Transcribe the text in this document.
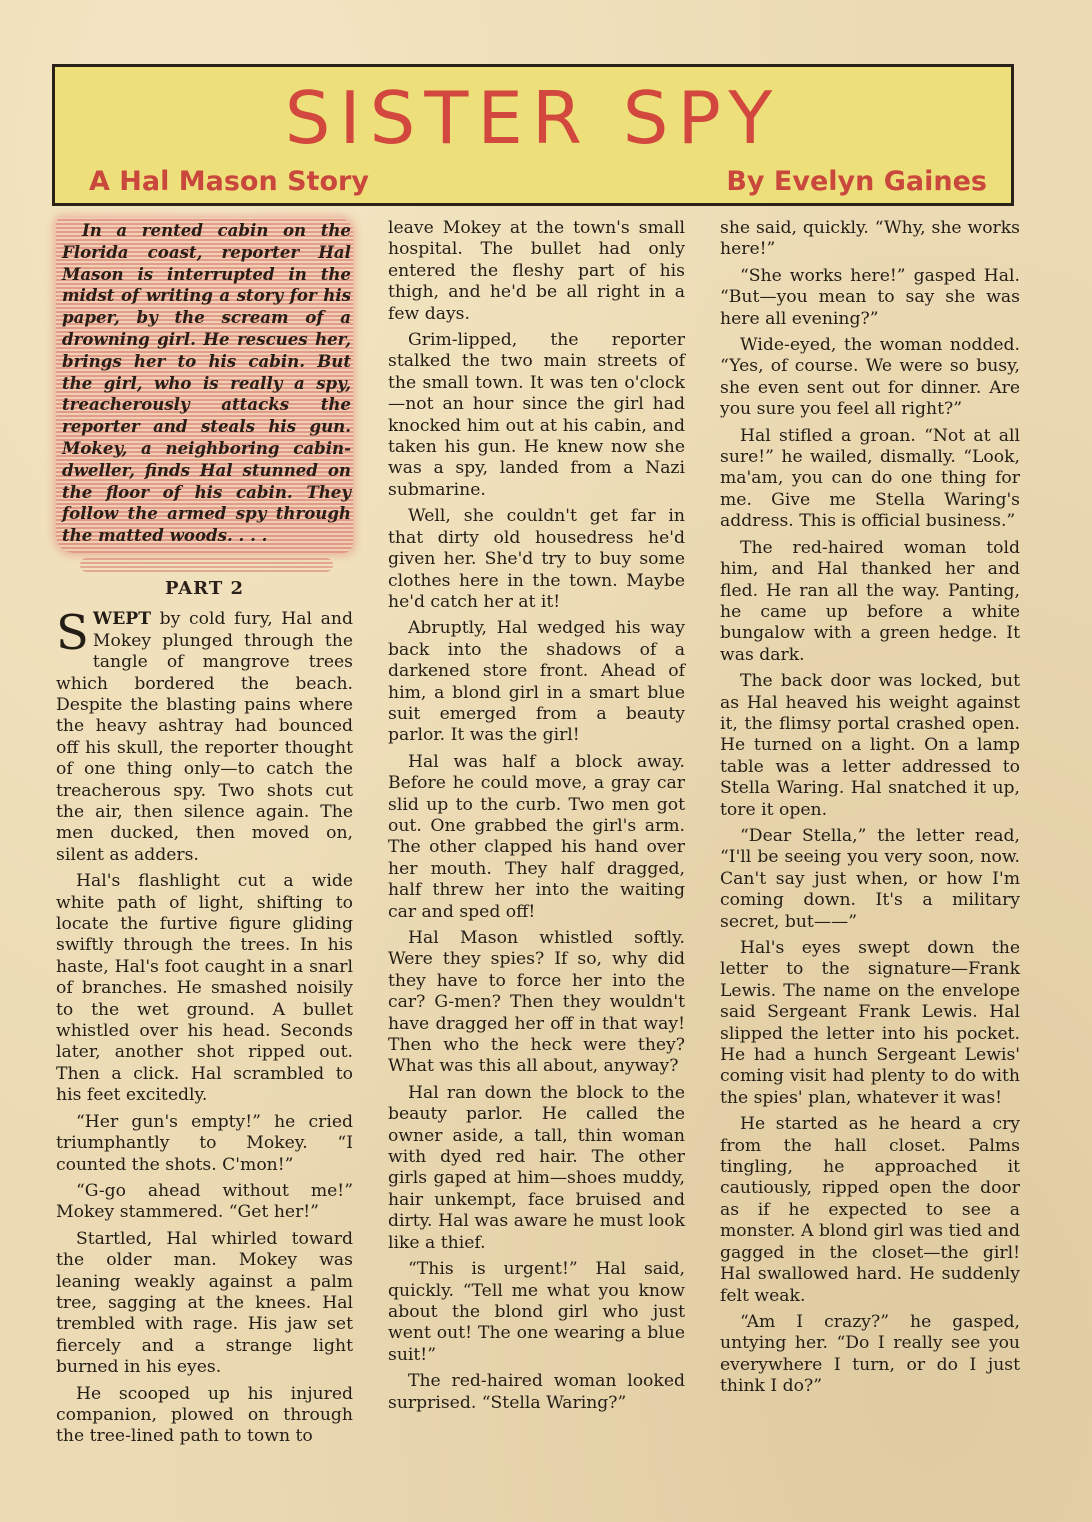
SISTER SPY
A Hal Mason Story	By Evelyn Gaines

In a rented cabin on the Florida coast, reporter Hal Mason is interrupted in the midst of writing a story for his paper, by the scream of a drowning girl. He rescues her, brings her to his cabin. But the girl, who is really a spy, treacherously attacks the reporter and steals his gun. Mokey, a neighboring cabin-dweller, finds Hal stunned on the floor of his cabin. They follow the armed spy through the matted woods. . . .

PART 2

SWEPT by cold fury, Hal and Mokey plunged through the tangle of mangrove trees which bordered the beach. Despite the blasting pains where the heavy ashtray had bounced off his skull, the reporter thought of one thing only—to catch the treacherous spy. Two shots cut the air, then silence again. The men ducked, then moved on, silent as adders.

Hal's flashlight cut a wide white path of light, shifting to locate the furtive figure gliding swiftly through the trees. In his haste, Hal's foot caught in a snarl of branches. He smashed noisily to the wet ground. A bullet whistled over his head. Seconds later, another shot ripped out. Then a click. Hal scrambled to his feet excitedly.

“Her gun's empty!” he cried triumphantly to Mokey. “I counted the shots. C'mon!”

“G-go ahead without me!” Mokey stammered. “Get her!”

Startled, Hal whirled toward the older man. Mokey was leaning weakly against a palm tree, sagging at the knees. Hal trembled with rage. His jaw set fiercely and a strange light burned in his eyes.

He scooped up his injured companion, plowed on through the tree-lined path to town to

leave Mokey at the town's small hospital. The bullet had only entered the fleshy part of his thigh, and he'd be all right in a few days.

Grim-lipped, the reporter stalked the two main streets of the small town. It was ten o'clock—not an hour since the girl had knocked him out at his cabin, and taken his gun. He knew now she was a spy, landed from a Nazi submarine.

Well, she couldn't get far in that dirty old housedress he'd given her. She'd try to buy some clothes here in the town. Maybe he'd catch her at it!

Abruptly, Hal wedged his way back into the shadows of a darkened store front. Ahead of him, a blond girl in a smart blue suit emerged from a beauty parlor. It was the girl!

Hal was half a block away. Before he could move, a gray car slid up to the curb. Two men got out. One grabbed the girl's arm. The other clapped his hand over her mouth. They half dragged, half threw her into the waiting car and sped off!

Hal Mason whistled softly. Were they spies? If so, why did they have to force her into the car? G-men? Then they wouldn't have dragged her off in that way! Then who the heck were they? What was this all about, anyway?

Hal ran down the block to the beauty parlor. He called the owner aside, a tall, thin woman with dyed red hair. The other girls gaped at him—shoes muddy, hair unkempt, face bruised and dirty. Hal was aware he must look like a thief.

“This is urgent!” Hal said, quickly. “Tell me what you know about the blond girl who just went out! The one wearing a blue suit!”

The red-haired woman looked surprised. “Stella Waring?”

she said, quickly. “Why, she works here!”

“She works here!” gasped Hal. “But—you mean to say she was here all evening?”

Wide-eyed, the woman nodded. “Yes, of course. We were so busy, she even sent out for dinner. Are you sure you feel all right?”

Hal stifled a groan. “Not at all sure!” he wailed, dismally. “Look, ma'am, you can do one thing for me. Give me Stella Waring's address. This is official business.”

The red-haired woman told him, and Hal thanked her and fled. He ran all the way. Panting, he came up before a white bungalow with a green hedge. It was dark.

The back door was locked, but as Hal heaved his weight against it, the flimsy portal crashed open. He turned on a light. On a lamp table was a letter addressed to Stella Waring. Hal snatched it up, tore it open.

“Dear Stella,” the letter read, “I'll be seeing you very soon, now. Can't say just when, or how I'm coming down. It's a military secret, but——”

Hal's eyes swept down the letter to the signature—Frank Lewis. The name on the envelope said Sergeant Frank Lewis. Hal slipped the letter into his pocket. He had a hunch Sergeant Lewis' coming visit had plenty to do with the spies' plan, whatever it was!

He started as he heard a cry from the hall closet. Palms tingling, he approached it cautiously, ripped open the door as if he expected to see a monster. A blond girl was tied and gagged in the closet—the girl! Hal swallowed hard. He suddenly felt weak.

“Am I crazy?” he gasped, untying her. “Do I really see you everywhere I turn, or do I just think I do?”
